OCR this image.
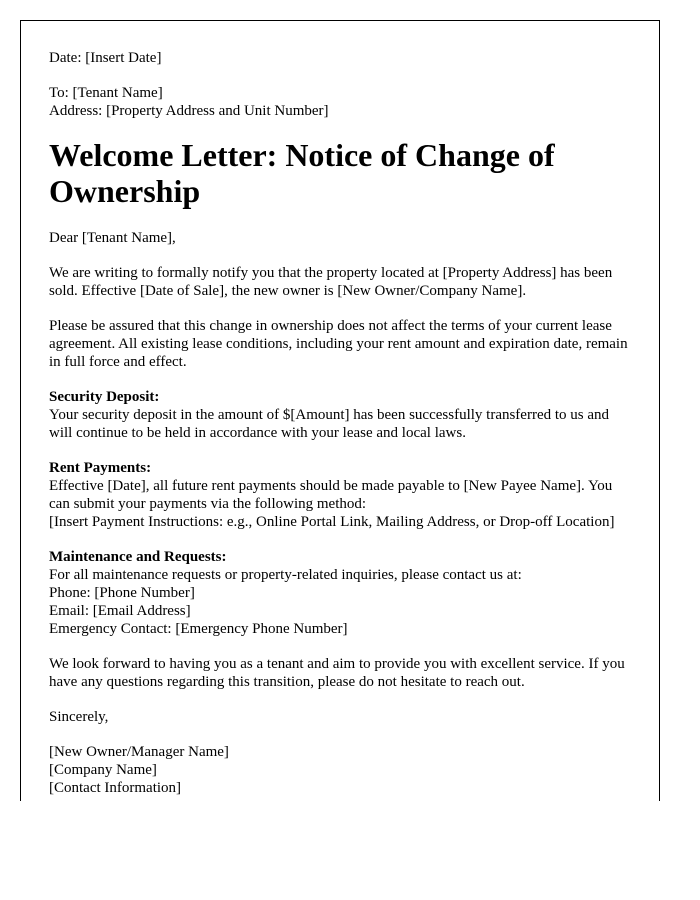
Date: [Insert Date]

To: [Tenant Name]
Address: [Property Address and Unit Number]

Welcome Letter: Notice of Change of Ownership

Dear [Tenant Name],

We are writing to formally notify you that the property located at [Property Address] has been sold. Effective [Date of Sale], the new owner is [New Owner/Company Name].

Please be assured that this change in ownership does not affect the terms of your current lease agreement. All existing lease conditions, including your rent amount and expiration date, remain in full force and effect.

Security Deposit:
Your security deposit in the amount of $[Amount] has been successfully transferred to us and will continue to be held in accordance with your lease and local laws.

Rent Payments:
Effective [Date], all future rent payments should be made payable to [New Payee Name]. You can submit your payments via the following method:
[Insert Payment Instructions: e.g., Online Portal Link, Mailing Address, or Drop-off Location]

Maintenance and Requests:
For all maintenance requests or property-related inquiries, please contact us at:
Phone: [Phone Number]
Email: [Email Address]
Emergency Contact: [Emergency Phone Number]

We look forward to having you as a tenant and aim to provide you with excellent service. If you have any questions regarding this transition, please do not hesitate to reach out.

Sincerely,

[New Owner/Manager Name]
[Company Name]
[Contact Information]
